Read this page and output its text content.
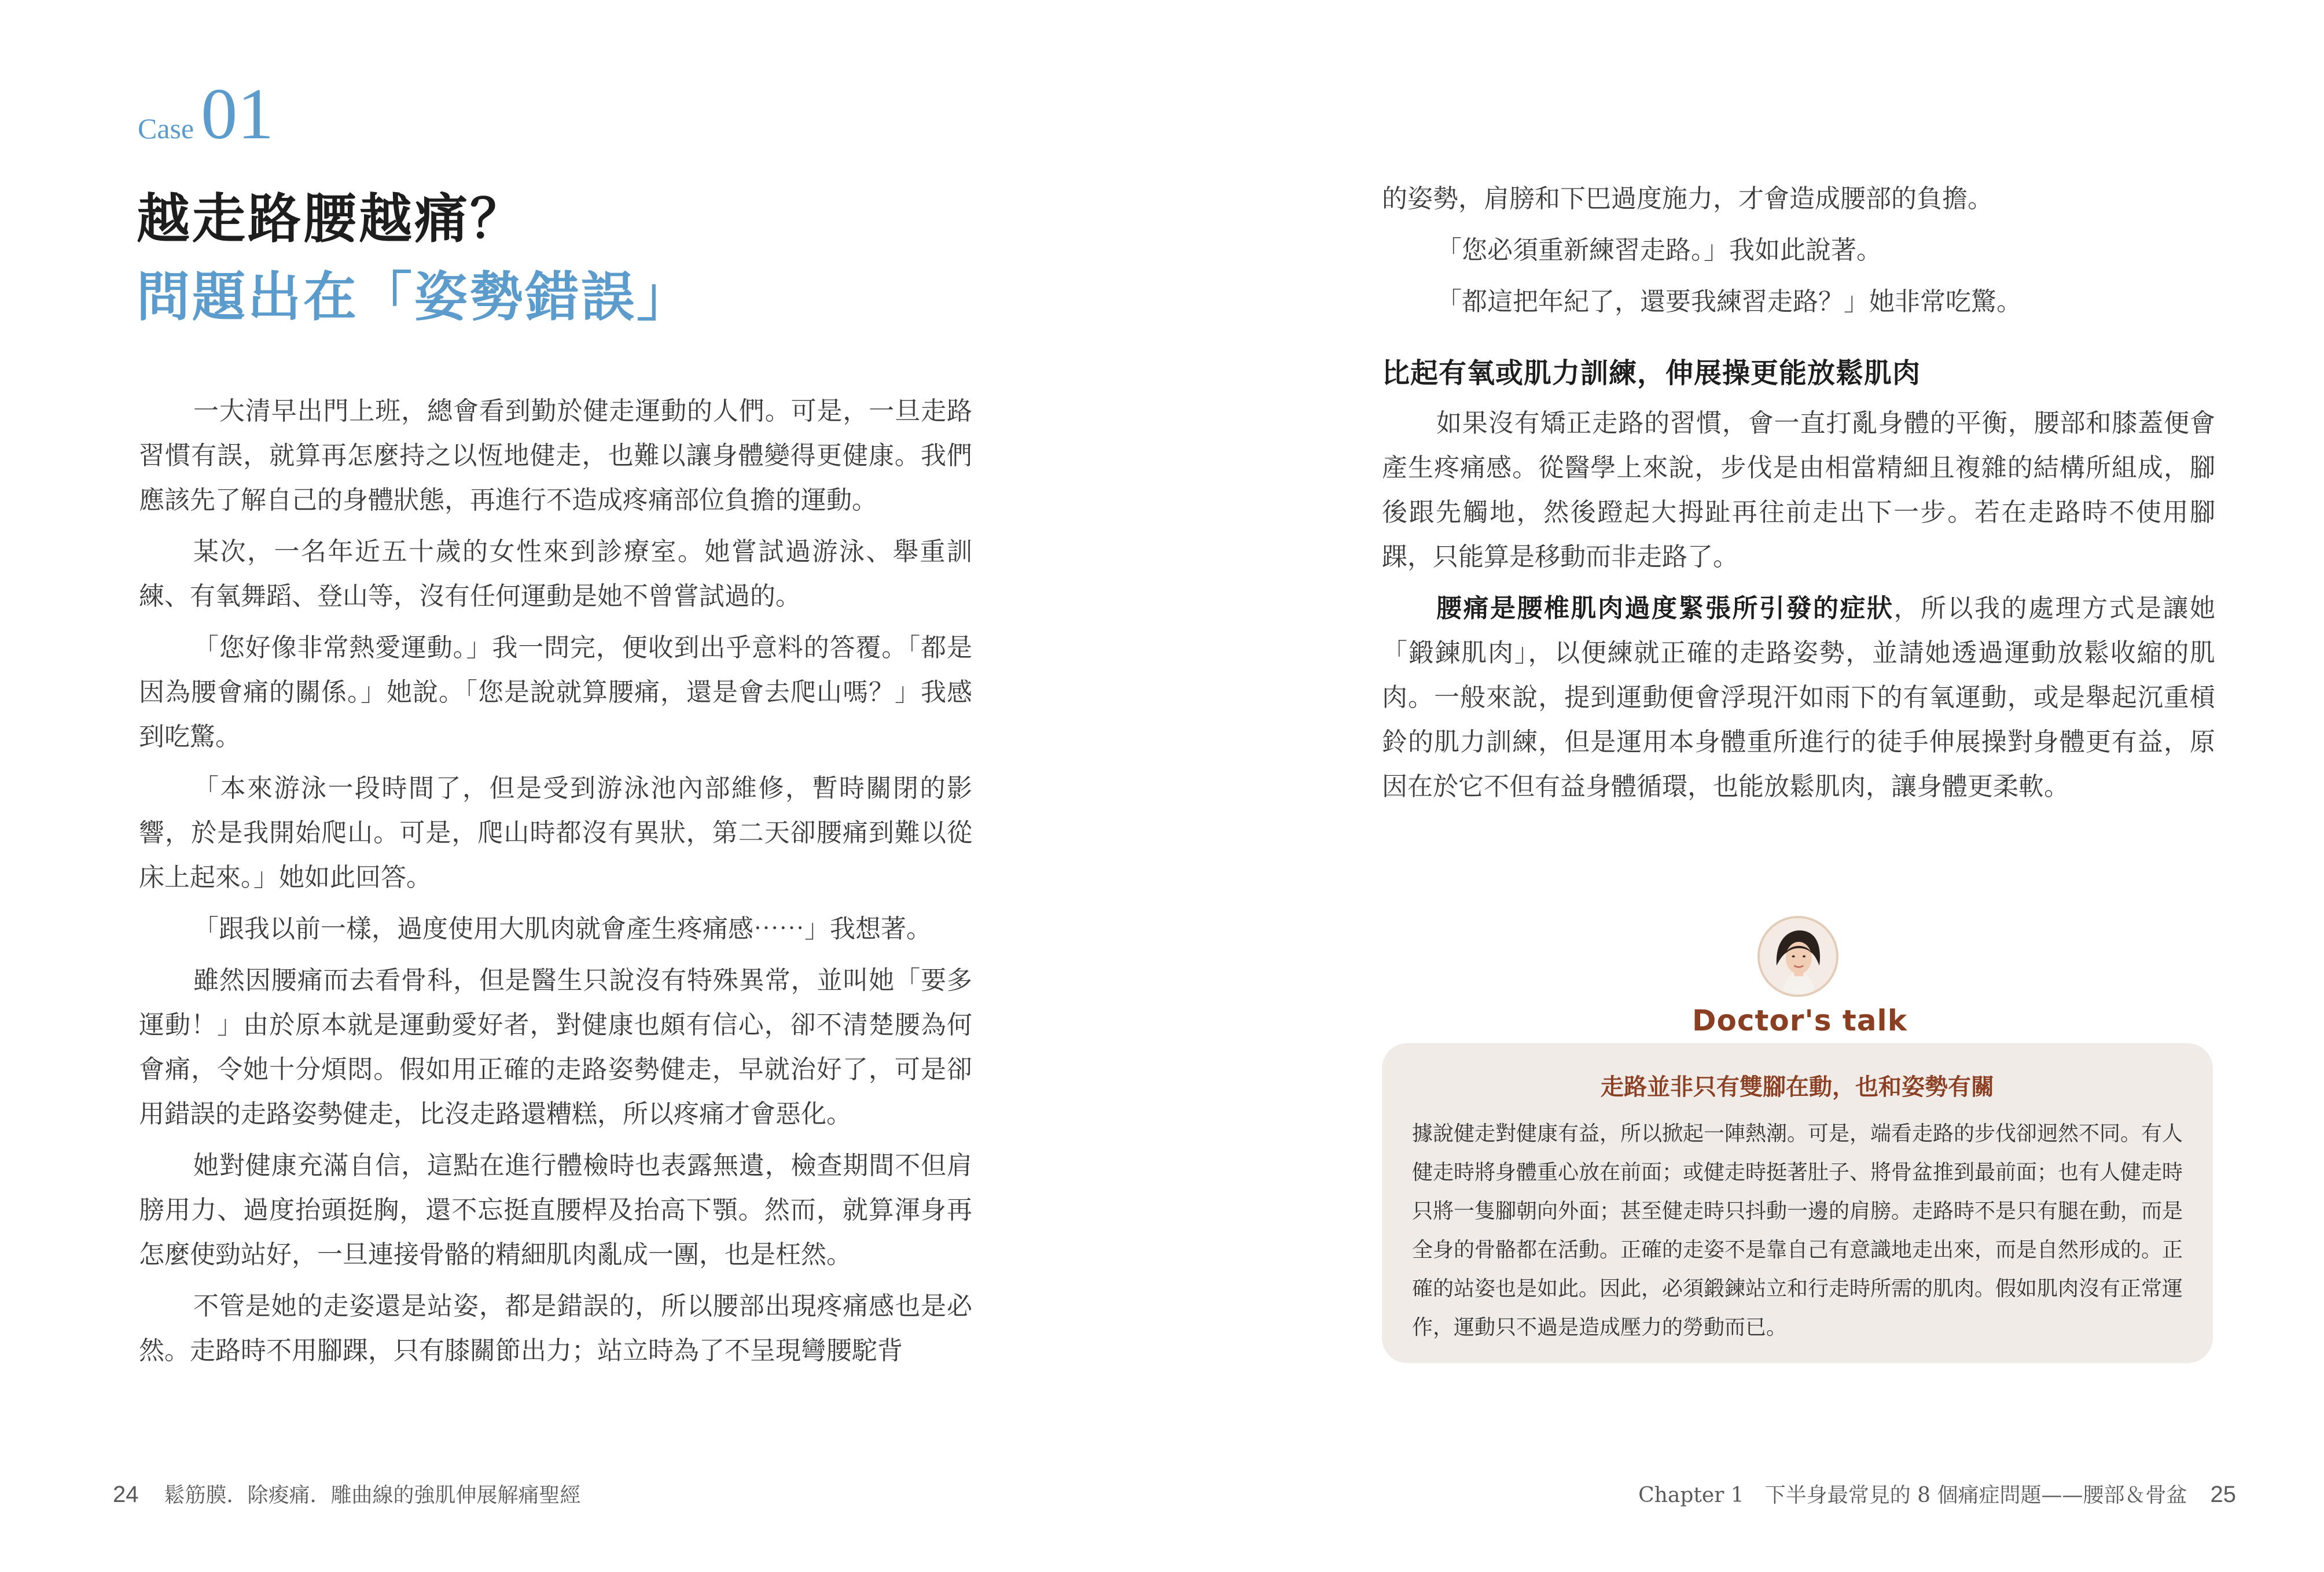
Case01
越走路腰越痛？
問題出在「姿勢錯誤」

一大清早出門上班，總會看到勤於健走運動的人們。可是，一旦走路習慣有誤，就算再怎麼持之以恆地健走，也難以讓身體變得更健康。我們應該先了解自己的身體狀態，再進行不造成疼痛部位負擔的運動。

某次，一名年近五十歲的女性來到診療室。她嘗試過游泳、舉重訓練、有氧舞蹈、登山等，沒有任何運動是她不曾嘗試過的。

「您好像非常熱愛運動。」我一問完，便收到出乎意料的答覆。「都是因為腰會痛的關係。」她說。「您是說就算腰痛，還是會去爬山嗎？」我感到吃驚。

「本來游泳一段時間了，但是受到游泳池內部維修，暫時關閉的影響，於是我開始爬山。可是，爬山時都沒有異狀，第二天卻腰痛到難以從床上起來。」她如此回答。

「跟我以前一樣，過度使用大肌肉就會產生疼痛感⋯⋯」我想著。

雖然因腰痛而去看骨科，但是醫生只說沒有特殊異常，並叫她「要多運動！」由於原本就是運動愛好者，對健康也頗有信心，卻不清楚腰為何會痛，令她十分煩悶。假如用正確的走路姿勢健走，早就治好了，可是卻用錯誤的走路姿勢健走，比沒走路還糟糕，所以疼痛才會惡化。

她對健康充滿自信，這點在進行體檢時也表露無遺，檢查期間不但肩膀用力、過度抬頭挺胸，還不忘挺直腰桿及抬高下顎。然而，就算渾身再怎麼使勁站好，一旦連接骨骼的精細肌肉亂成一團，也是枉然。

不管是她的走姿還是站姿，都是錯誤的，所以腰部出現疼痛感也是必然。走路時不用腳踝，只有膝關節出力；站立時為了不呈現彎腰駝背

24 鬆筋膜．除痠痛．雕曲線的強肌伸展解痛聖經

的姿勢，肩膀和下巴過度施力，才會造成腰部的負擔。

「您必須重新練習走路。」我如此說著。

「都這把年紀了，還要我練習走路？」她非常吃驚。

比起有氧或肌力訓練，伸展操更能放鬆肌肉

如果沒有矯正走路的習慣，會一直打亂身體的平衡，腰部和膝蓋便會產生疼痛感。從醫學上來說，步伐是由相當精細且複雜的結構所組成，腳後跟先觸地，然後蹬起大拇趾再往前走出下一步。若在走路時不使用腳踝，只能算是移動而非走路了。

腰痛是腰椎肌肉過度緊張所引發的症狀，所以我的處理方式是讓她「鍛鍊肌肉」，以便練就正確的走路姿勢，並請她透過運動放鬆收縮的肌肉。一般來說，提到運動便會浮現汗如雨下的有氧運動，或是舉起沉重槓鈴的肌力訓練，但是運用本身體重所進行的徒手伸展操對身體更有益，原因在於它不但有益身體循環，也能放鬆肌肉，讓身體更柔軟。

Doctor's talk
走路並非只有雙腳在動，也和姿勢有關

據說健走對健康有益，所以掀起一陣熱潮。可是，端看走路的步伐卻迥然不同。有人健走時將身體重心放在前面；或健走時挺著肚子、將骨盆推到最前面；也有人健走時只將一隻腳朝向外面；甚至健走時只抖動一邊的肩膀。走路時不是只有腿在動，而是全身的骨骼都在活動。正確的走姿不是靠自己有意識地走出來，而是自然形成的。正確的站姿也是如此。因此，必須鍛鍊站立和行走時所需的肌肉。假如肌肉沒有正常運作，運動只不過是造成壓力的勞動而已。

Chapter 1　下半身最常見的 8 個痛症問題——腰部＆骨盆 25
